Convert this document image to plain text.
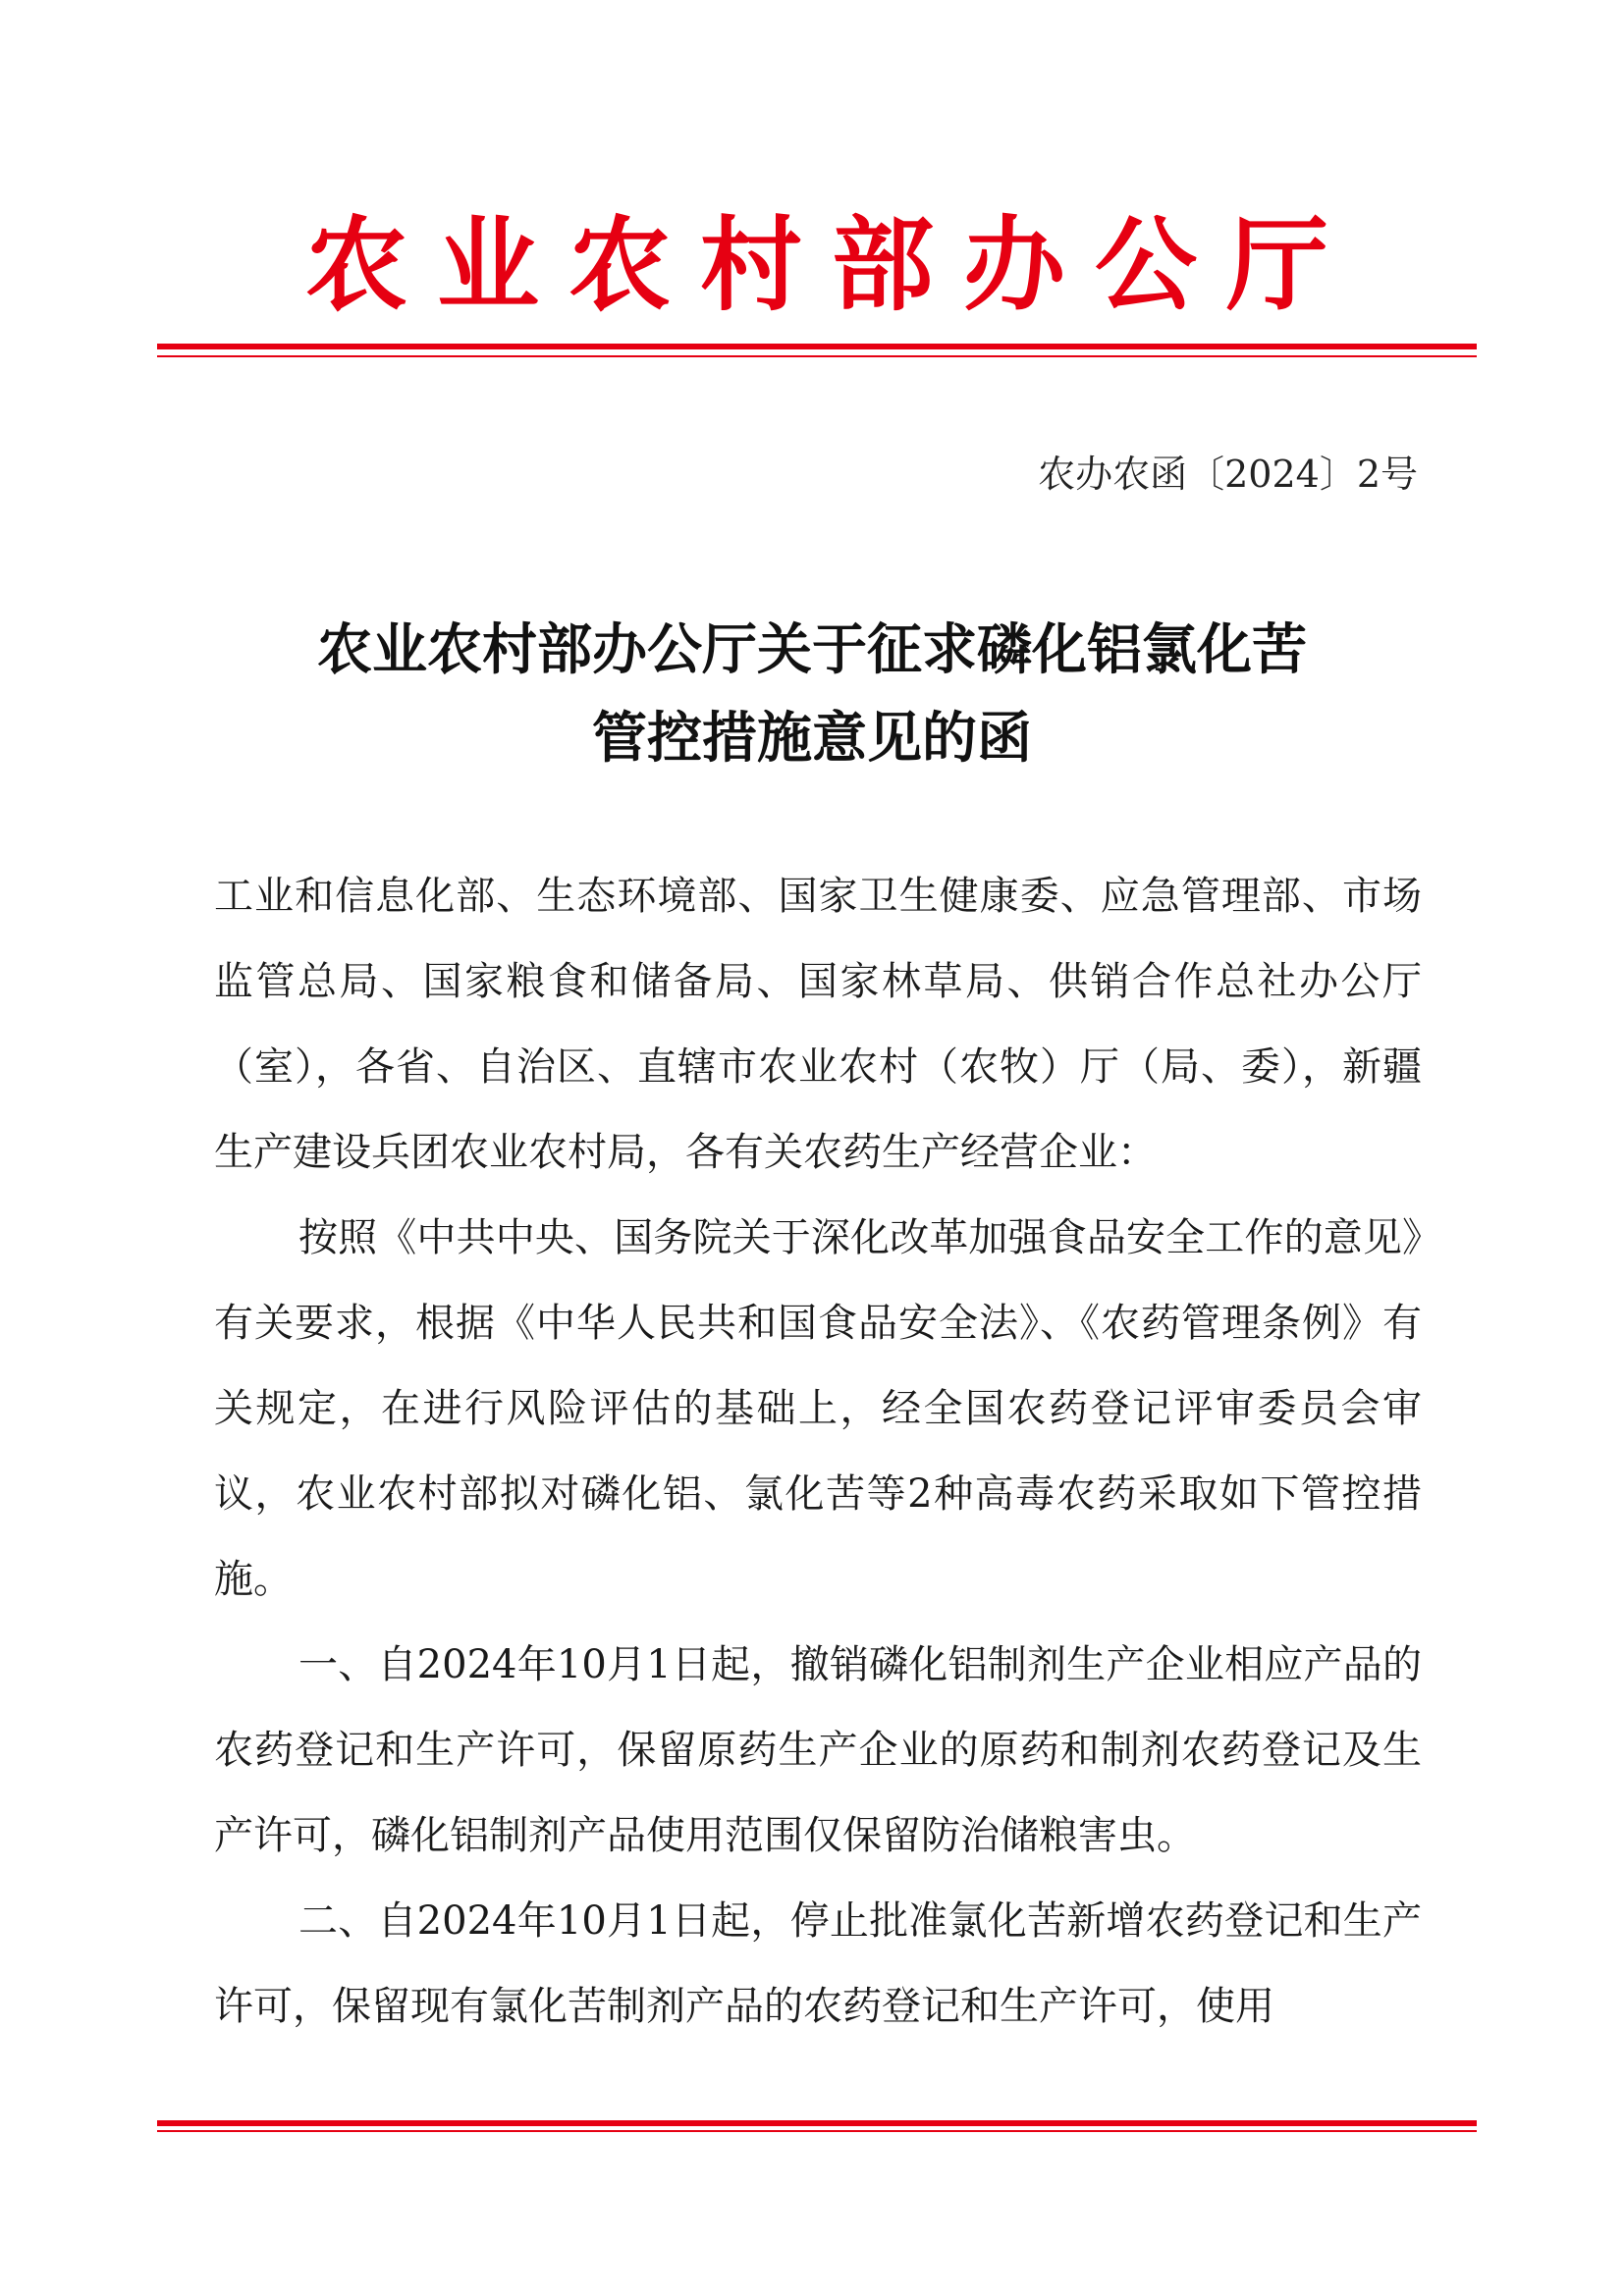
农业农村部办公厅
农办农函〔2024〕2号
农业农村部办公厅关于征求磷化铝氯化苦
管控措施意见的函

工业和信息化部、生态环境部、国家卫生健康委、应急管理部、市场监管总局、国家粮食和储备局、国家林草局、供销合作总社办公厅（室），各省、自治区、直辖市农业农村（农牧）厅（局、委），新疆生产建设兵团农业农村局，各有关农药生产经营企业：

按照《中共中央、国务院关于深化改革加强食品安全工作的意见》有关要求，根据《中华人民共和国食品安全法》、《农药管理条例》有关规定，在进行风险评估的基础上，经全国农药登记评审委员会审议，农业农村部拟对磷化铝、氯化苦等2种高毒农药采取如下管控措施。

一、自2024年10月1日起，撤销磷化铝制剂生产企业相应产品的农药登记和生产许可，保留原药生产企业的原药和制剂农药登记及生产许可，磷化铝制剂产品使用范围仅保留防治储粮害虫。

二、自2024年10月1日起，停止批准氯化苦新增农药登记和生产许可，保留现有氯化苦制剂产品的农药登记和生产许可，使用
